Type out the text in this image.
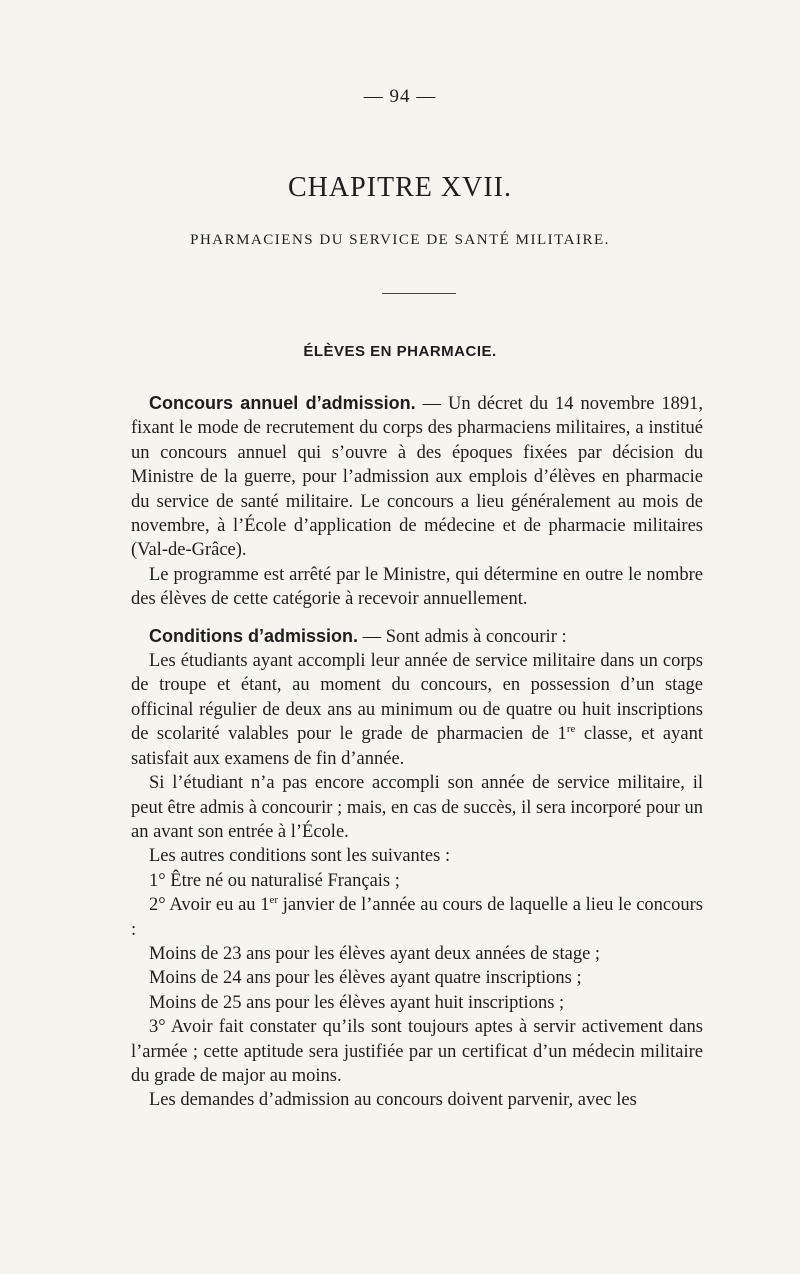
— 94 —
CHAPITRE XVII.
PHARMACIENS DU SERVICE DE SANTÉ MILITAIRE.
ÉLÈVES EN PHARMACIE.

Concours annuel d’admission. — Un décret du 14 novembre 1891, fixant le mode de recrutement du corps des pharmaciens militaires, a institué un concours annuel qui s’ouvre à des époques fixées par décision du Ministre de la guerre, pour l’admission aux emplois d’élèves en pharmacie du service de santé militaire. Le concours a lieu généralement au mois de novembre, à l’École d’application de médecine et de pharmacie militaires (Val-de-Grâce).

Le programme est arrêté par le Ministre, qui détermine en outre le nombre des élèves de cette catégorie à recevoir annuellement.

Conditions d’admission. — Sont admis à concourir :

Les étudiants ayant accompli leur année de service militaire dans un corps de troupe et étant, au moment du concours, en possession d’un stage officinal régulier de deux ans au minimum ou de quatre ou huit inscriptions de scolarité valables pour le grade de pharmacien de 1re classe, et ayant satisfait aux examens de fin d’année.

Si l’étudiant n’a pas encore accompli son année de service militaire, il peut être admis à concourir ; mais, en cas de succès, il sera incorporé pour un an avant son entrée à l’École.

Les autres conditions sont les suivantes :

1° Être né ou naturalisé Français ;

2° Avoir eu au 1er janvier de l’année au cours de laquelle a lieu le concours :

Moins de 23 ans pour les élèves ayant deux années de stage ;

Moins de 24 ans pour les élèves ayant quatre inscriptions ;

Moins de 25 ans pour les élèves ayant huit inscriptions ;

3° Avoir fait constater qu’ils sont toujours aptes à servir activement dans l’armée ; cette aptitude sera justifiée par un certificat d’un médecin militaire du grade de major au moins.

Les demandes d’admission au concours doivent parvenir, avec les
